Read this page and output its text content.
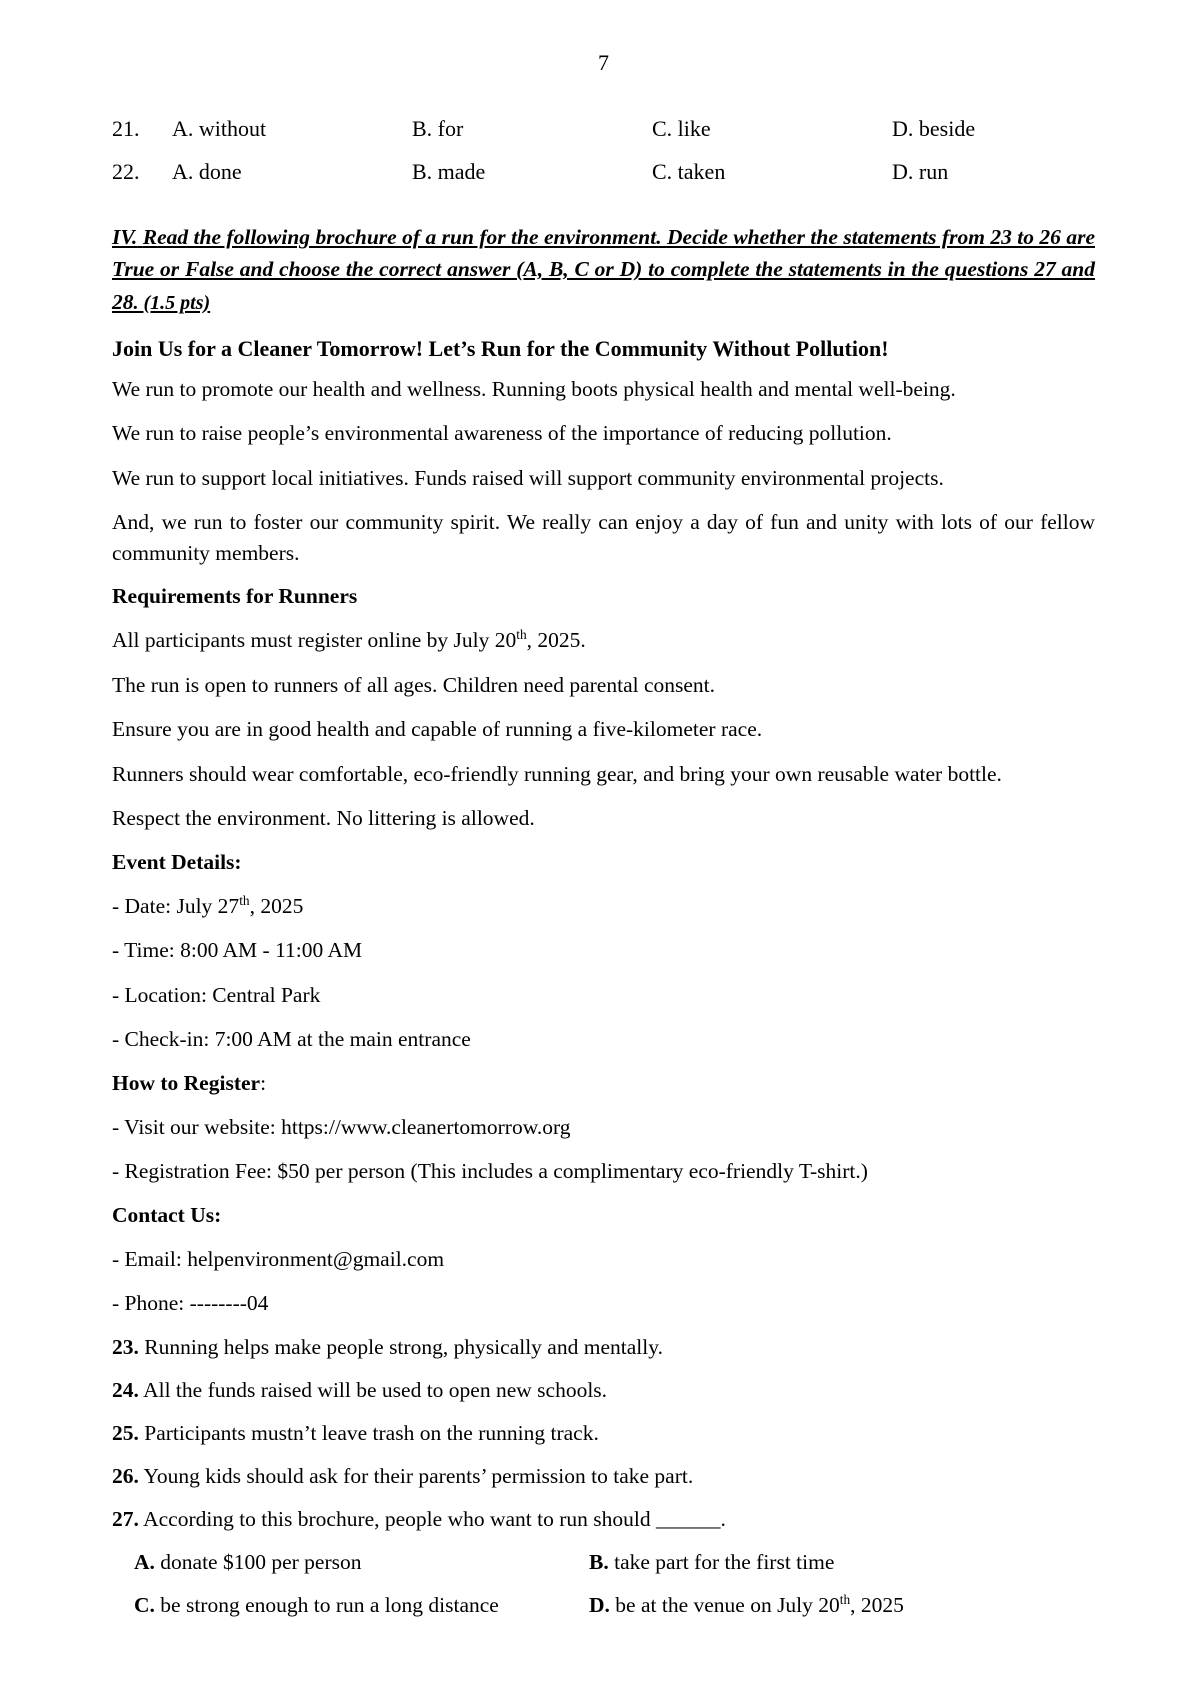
7
21.	A. without	B. for	C. like	D. beside
22.	A. done	B. made	C. taken	D. run
IV. Read the following brochure of a run for the environment. Decide whether the statements from 23 to 26 are True or False and choose the correct answer (A, B, C or D) to complete the statements in the questions 27 and 28. (1.5 pts)
Join Us for a Cleaner Tomorrow! Let’s Run for the Community Without Pollution!

We run to promote our health and wellness. Running boots physical health and mental well-being.

We run to raise people’s environmental awareness of the importance of reducing pollution.

We run to support local initiatives. Funds raised will support community environmental projects.

And, we run to foster our community spirit. We really can enjoy a day of fun and unity with lots of our fellow community members.

Requirements for Runners

All participants must register online by July 20th, 2025.

The run is open to runners of all ages. Children need parental consent.

Ensure you are in good health and capable of running a five-kilometer race.

Runners should wear comfortable, eco-friendly running gear, and bring your own reusable water bottle.

Respect the environment. No littering is allowed.

Event Details:

- Date: July 27th, 2025

- Time: 8:00 AM - 11:00 AM

- Location: Central Park

- Check-in: 7:00 AM at the main entrance

How to Register:

- Visit our website: https://www.cleanertomorrow.org

- Registration Fee: $50 per person (This includes a complimentary eco-friendly T-shirt.)

Contact Us:

- Email: helpenvironment@gmail.com

- Phone: --------04

23. Running helps make people strong, physically and mentally.
24. All the funds raised will be used to open new schools.
25. Participants mustn’t leave trash on the running track.
26. Young kids should ask for their parents’ permission to take part.
27. According to this brochure, people who want to run should ______.
A. donate $100 per person	B. take part for the first time
C. be strong enough to run a long distance	D. be at the venue on July 20th, 2025
